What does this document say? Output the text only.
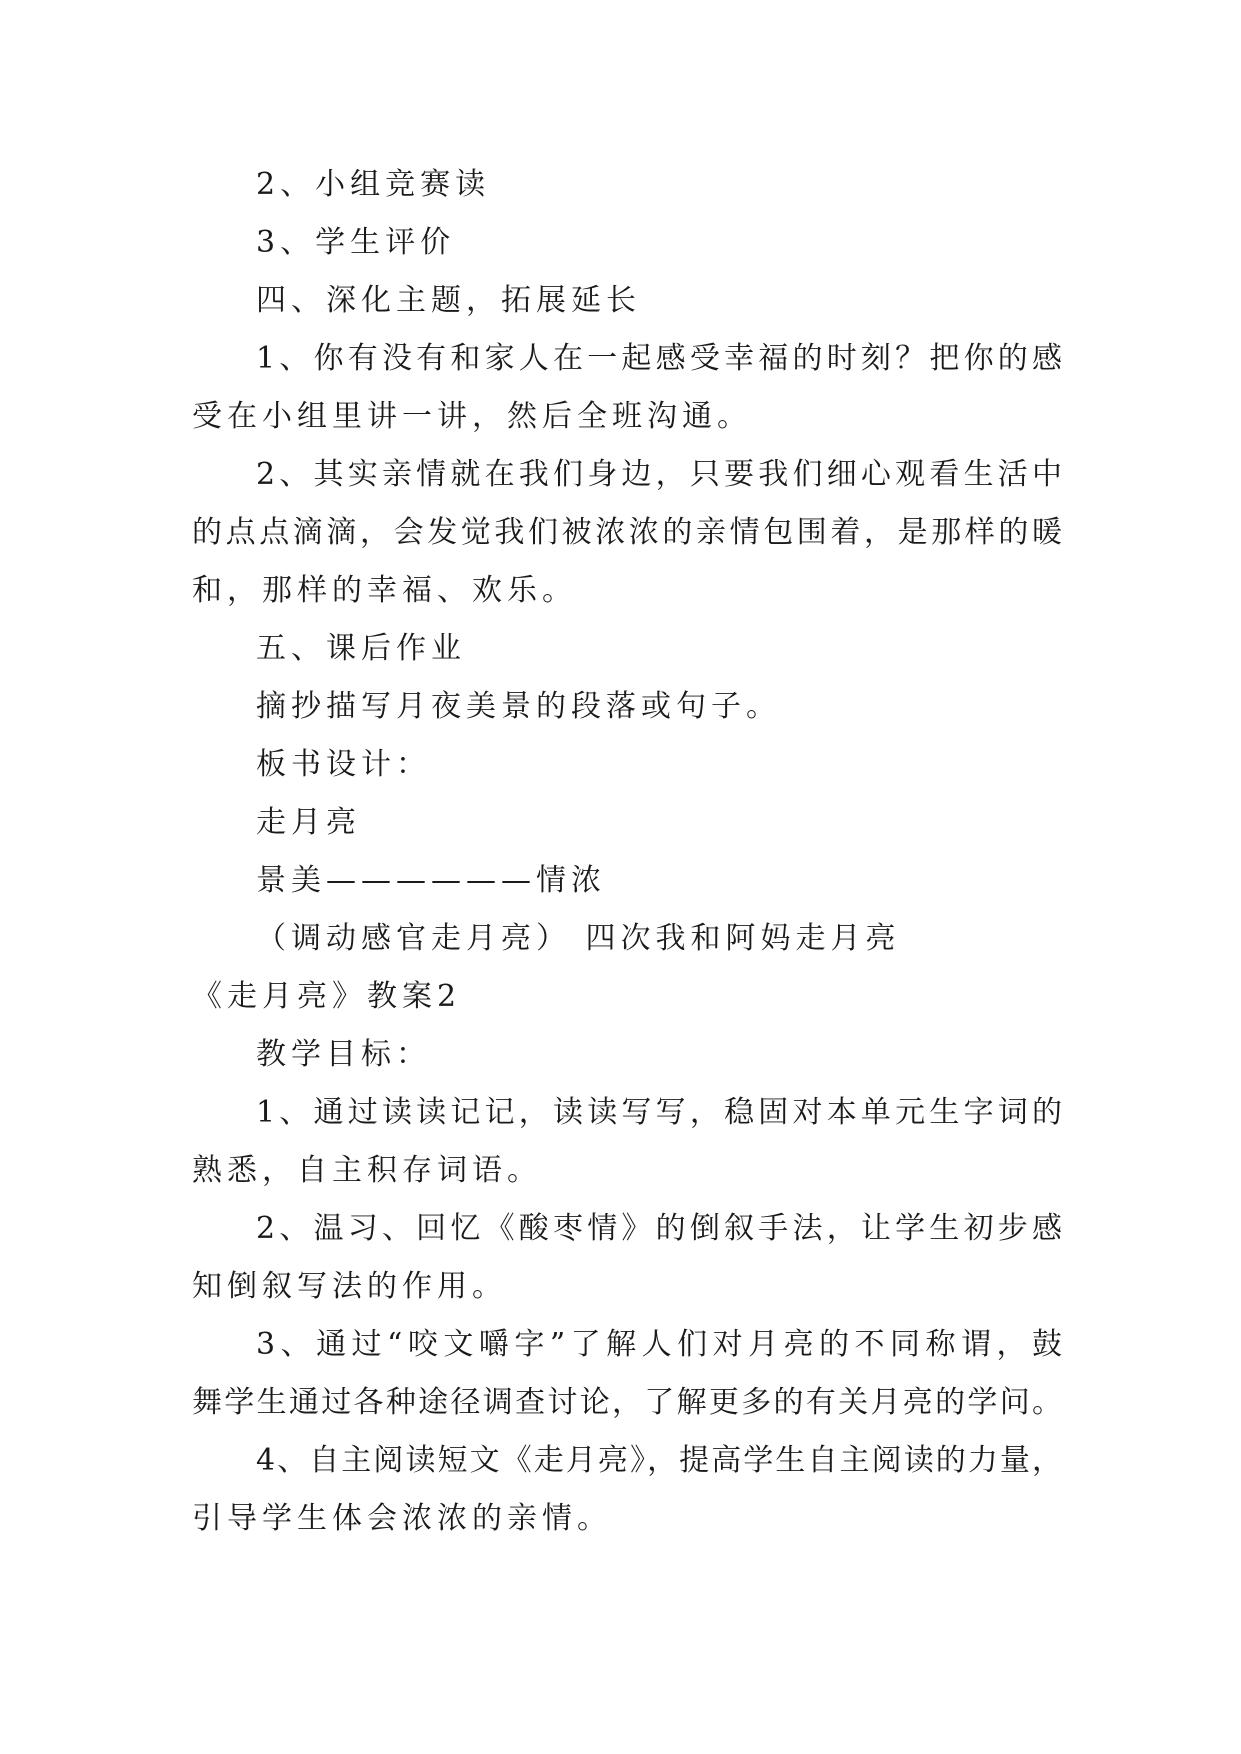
2、小组竞赛读
3、学生评价
四、深化主题，拓展延长
1、你有没有和家人在一起感受幸福的时刻？把你的感
受在小组里讲一讲，然后全班沟通。
2、其实亲情就在我们身边，只要我们细心观看生活中
的点点滴滴，会发觉我们被浓浓的亲情包围着，是那样的暖
和，那样的幸福、欢乐。
五、课后作业
摘抄描写月夜美景的段落或句子。
板书设计：
走月亮
景美——————情浓
（调动感官走月亮） 四次我和阿妈走月亮
《走月亮》教案2
教学目标：
1、通过读读记记，读读写写，稳固对本单元生字词的
熟悉，自主积存词语。
2、温习、回忆《酸枣情》的倒叙手法，让学生初步感
知倒叙写法的作用。
3、通过“咬文嚼字”了解人们对月亮的不同称谓，鼓
舞学生通过各种途径调查讨论，了解更多的有关月亮的学问。
4、自主阅读短文《走月亮》，提高学生自主阅读的力量，
引导学生体会浓浓的亲情。
